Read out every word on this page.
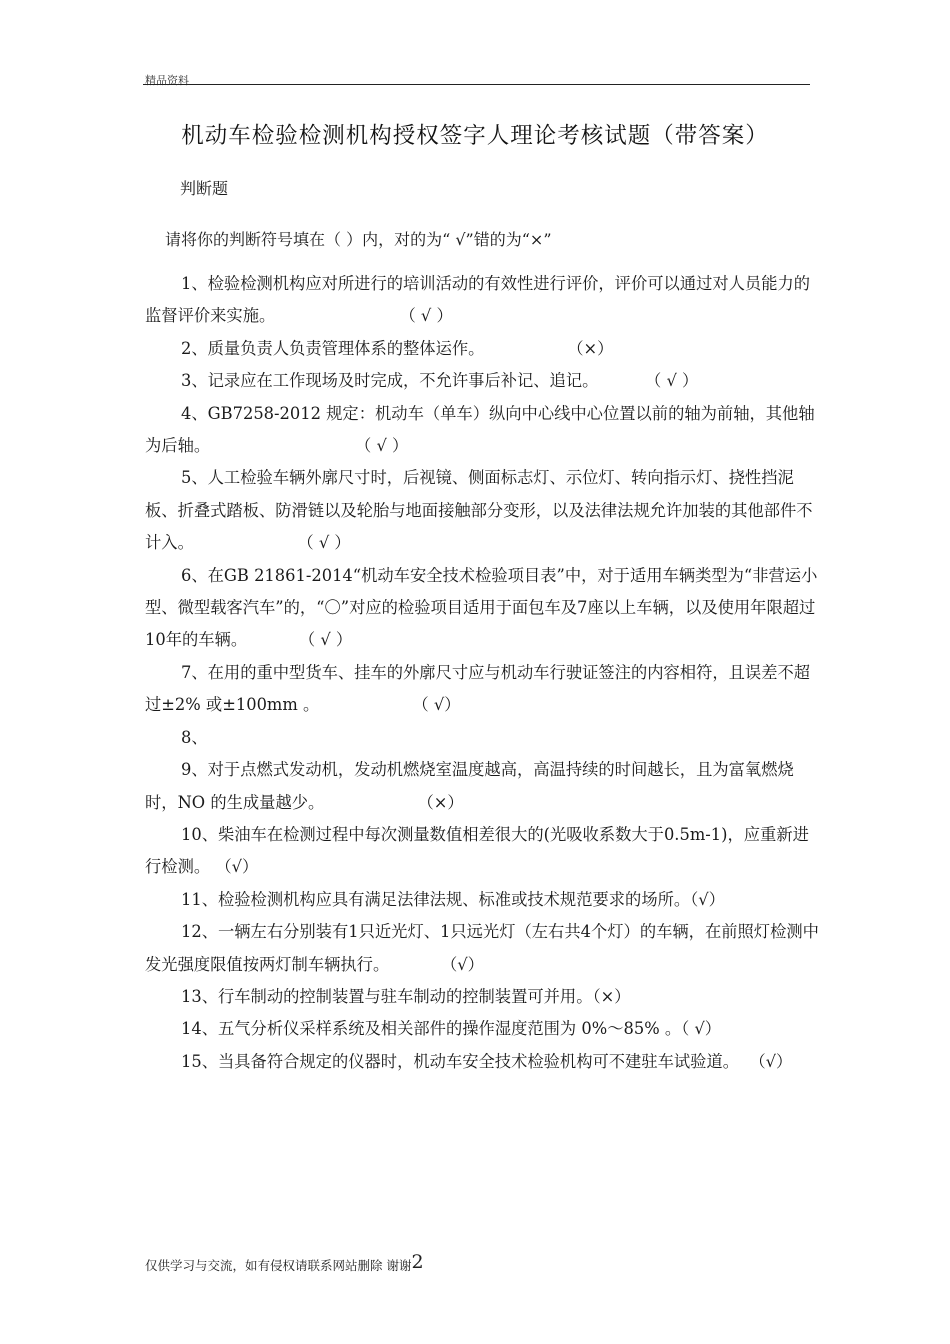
精品资料
机动车检验检测机构授权签字人理论考核试题（带答案）
判断题
请将你的判断符号填在（ ）内，对的为“ √”错的为“×”

1、检验检测机构应对所进行的培训活动的有效性进行评价，评价可以通过对人员能力的监督评价来实施。                        （ √ ）

2、质量负责人负责管理体系的整体运作。                （×）

3、记录应在工作现场及时完成，不允许事后补记、追记。         （ √ ）

4、GB7258-2012 规定：机动车（单车）纵向中心线中心位置以前的轴为前轴，其他轴为后轴。                            （ √ ）

5、人工检验车辆外廓尺寸时，后视镜、侧面标志灯、示位灯、转向指示灯、挠性挡泥板、折叠式踏板、防滑链以及轮胎与地面接触部分变形，以及法律法规允许加装的其他部件不计入。                    （ √ ）

6、在GB 21861-2014“机动车安全技术检验项目表”中，对于适用车辆类型为“非营运小型、微型载客汽车”的，“〇”对应的检验项目适用于面包车及7座以上车辆，以及使用年限超过 10年的车辆。          （ √ ）

7、在用的重中型货车、挂车的外廓尺寸应与机动车行驶证签注的内容相符，且误差不超过±2% 或±100mm 。                  （ √）

8、

9、对于点燃式发动机，发动机燃烧室温度越高，高温持续的时间越长，且为富氧燃烧时，NO 的生成量越少。                  （×）

10、柴油车在检测过程中每次测量数值相差很大的(光吸收系数大于0.5m-1)，应重新进行检测。 （√）

11、检验检测机构应具有满足法律法规、标准或技术规范要求的场所。（√）

12、一辆左右分别装有1只近光灯、1只远光灯（左右共4个灯）的车辆，在前照灯检测中发光强度限值按两灯制车辆执行。          （√）

13、行车制动的控制装置与驻车制动的控制装置可并用。（×）

14、五气分析仪采样系统及相关部件的操作湿度范围为 0%～85% 。（ √）

15、当具备符合规定的仪器时，机动车安全技术检验机构可不建驻车试验道。  （√）

仅供学习与交流，如有侵权请联系网站删除 谢谢2
